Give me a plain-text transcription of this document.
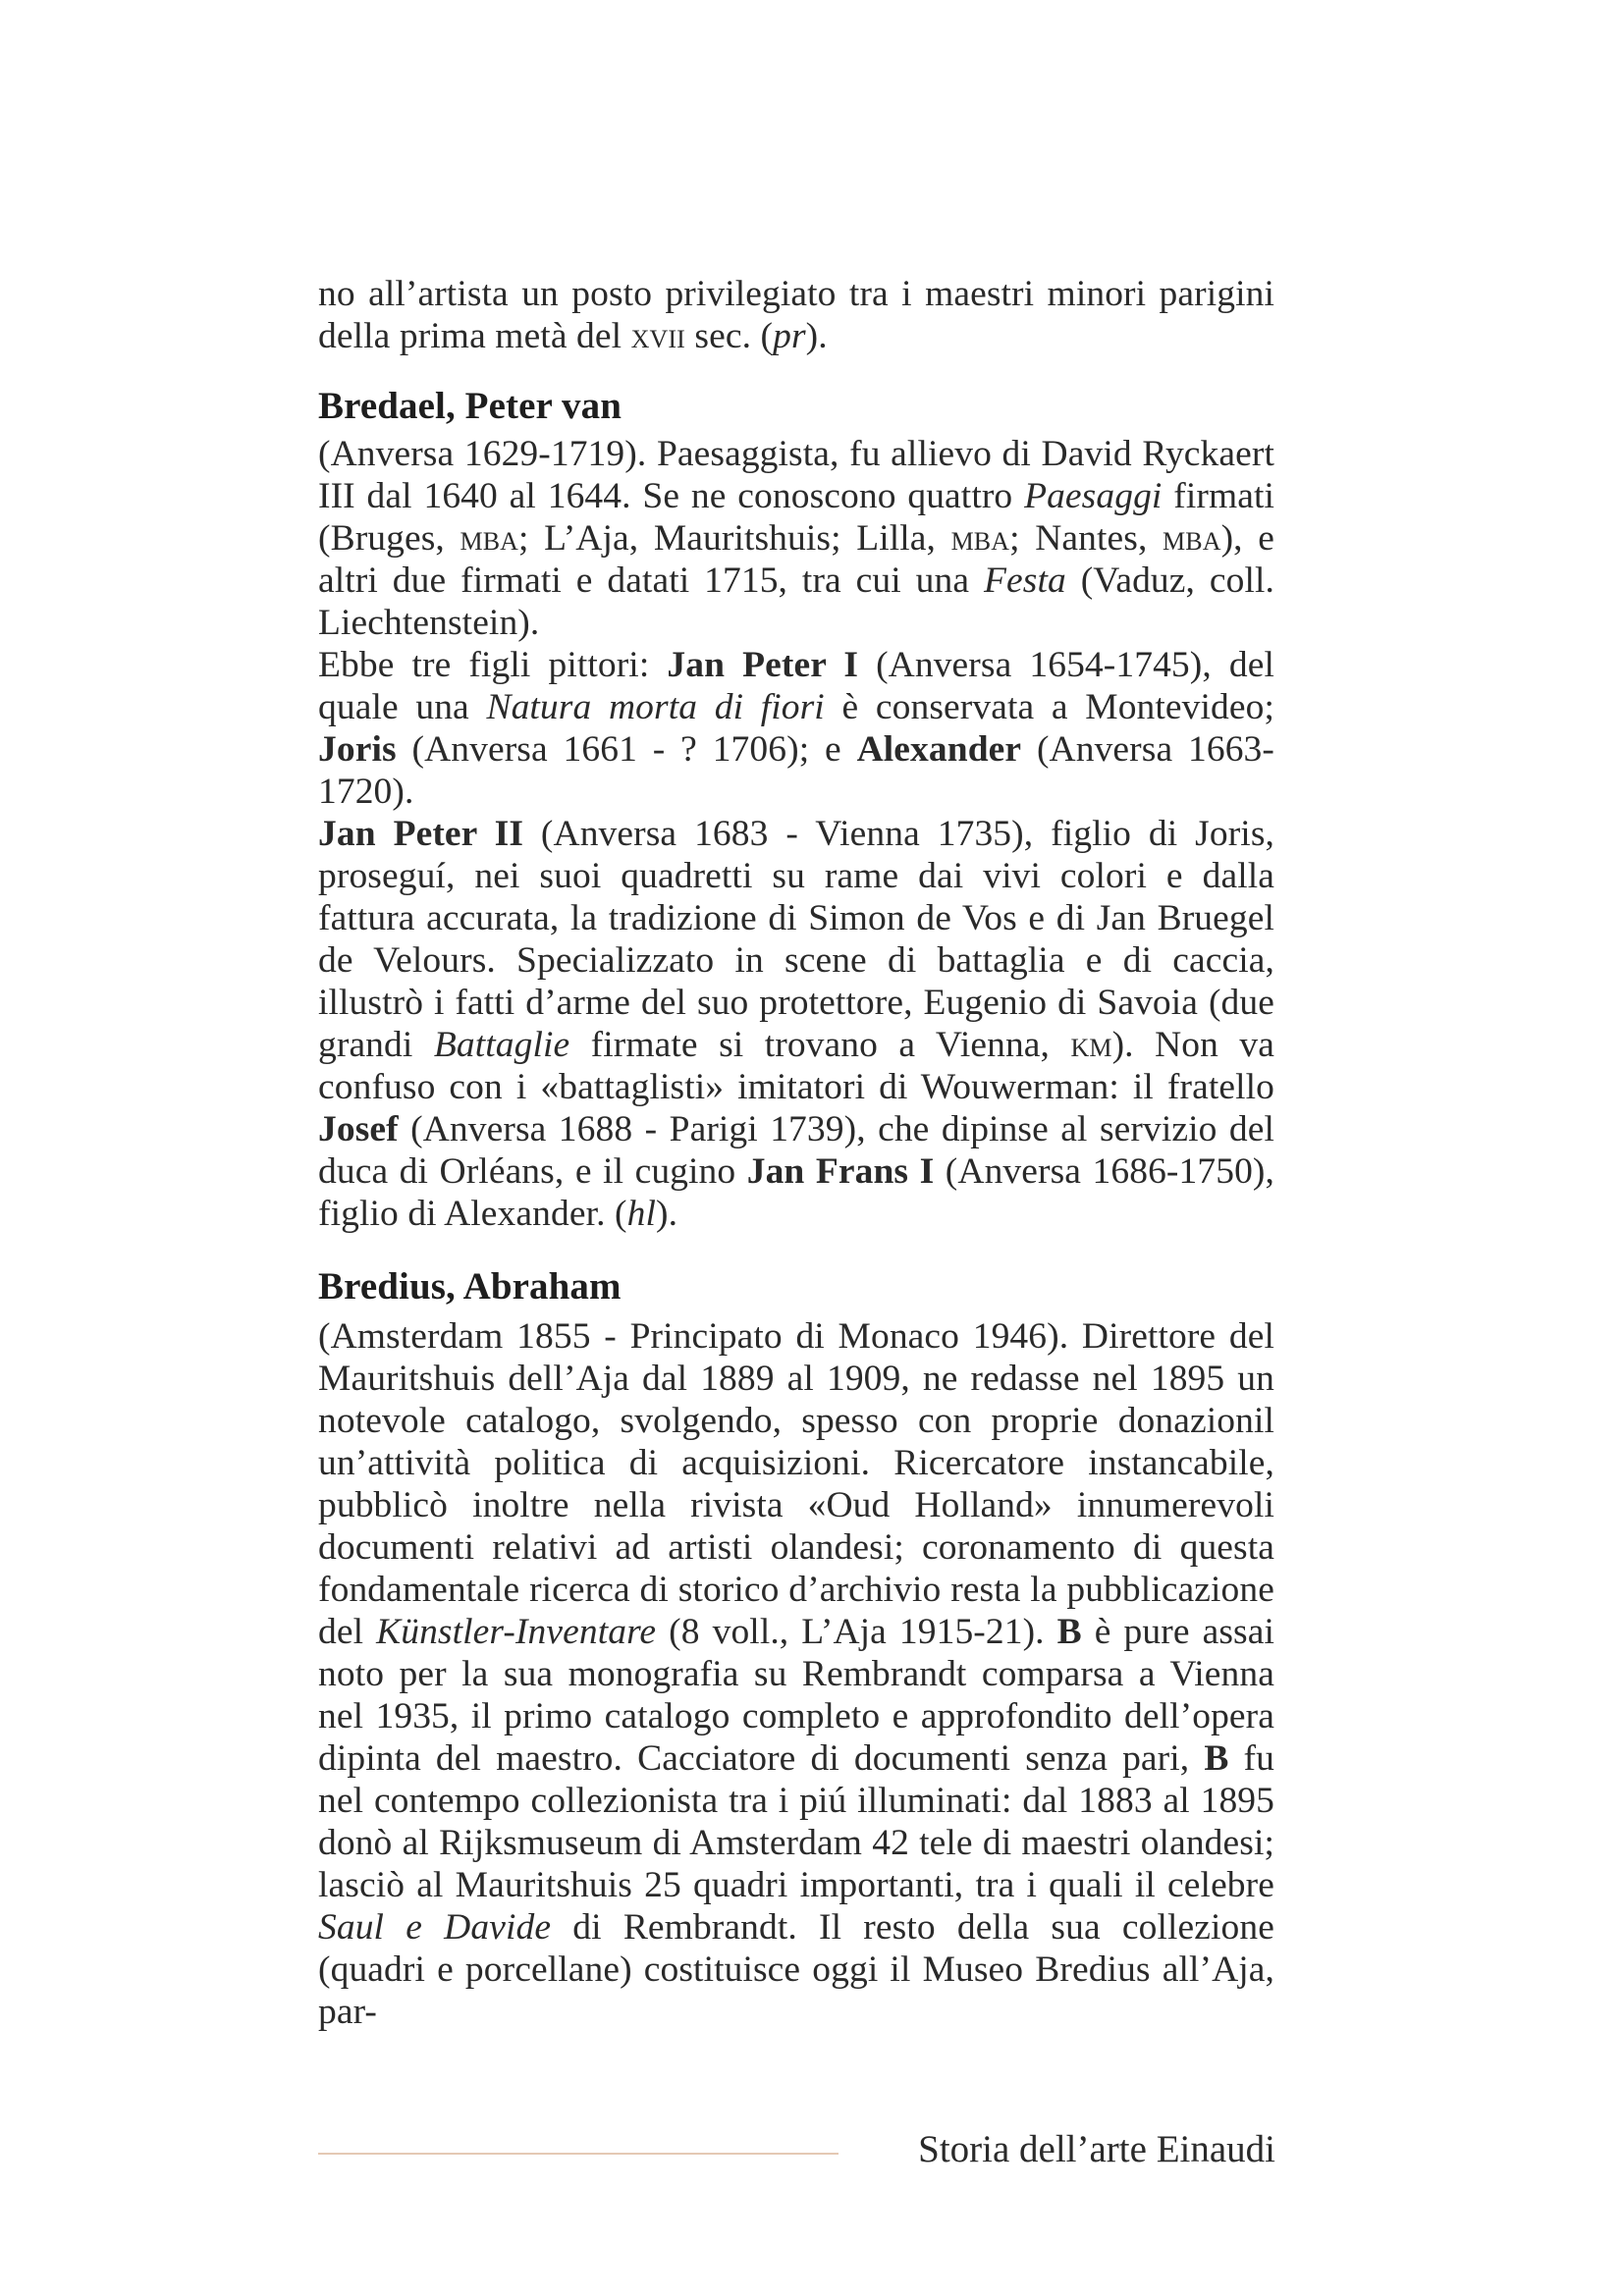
no all’artista un posto privilegiato tra i maestri minori parigini della prima metà del xvii sec. (pr).

Bredael, Peter van

(Anversa 1629-1719). Paesaggista, fu allievo di David Ryckaert III dal 1640 al 1644. Se ne conoscono quattro Paesaggi firmati (Bruges, mba; L’Aja, Mauritshuis; Lilla, mba; Nantes, mba), e altri due firmati e datati 1715, tra cui una Festa (Vaduz, coll. Liechtenstein).

Ebbe tre figli pittori: Jan Peter I (Anversa 1654-1745), del quale una Natura morta di fiori è conservata a Montevideo; Joris (Anversa 1661 - ? 1706); e Alexander (Anversa 1663-1720).

Jan Peter II (Anversa 1683 - Vienna 1735), figlio di Joris, proseguí, nei suoi quadretti su rame dai vivi colori e dalla fattura accurata, la tradizione di Simon de Vos e di Jan Bruegel de Velours. Specializzato in scene di battaglia e di caccia, illustrò i fatti d’arme del suo protettore, Eugenio di Savoia (due grandi Battaglie firmate si trovano a Vienna, km). Non va confuso con i «battaglisti» imitatori di Wouwerman: il fratello Josef (Anversa 1688 - Parigi 1739), che dipinse al servizio del duca di Orléans, e il cugino Jan Frans I (Anversa 1686-1750), figlio di Alexander. (hl).

Bredius, Abraham

(Amsterdam 1855 - Principato di Monaco 1946). Direttore del Mauritshuis dell’Aja dal 1889 al 1909, ne redasse nel 1895 un notevole catalogo, svolgendo, spesso con proprie donazionil un’attività politica di acquisizioni. Ricercatore instancabile, pubblicò inoltre nella rivista «Oud Holland» innumerevoli documenti relativi ad artisti olandesi; coronamento di questa fondamentale ricerca di storico d’archivio resta la pubblicazione del Künstler-Inventare (8 voll., L’Aja 1915-21). B è pure assai noto per la sua monografia su Rembrandt comparsa a Vienna nel 1935, il primo catalogo completo e approfondito dell’opera dipinta del maestro. Cacciatore di documenti senza pari, B fu nel contempo collezionista tra i piú illuminati: dal 1883 al 1895 donò al Rijksmuseum di Amsterdam 42 tele di maestri olandesi; lasciò al Mauritshuis 25 quadri importanti, tra i quali il celebre Saul e Davide di Rembrandt. Il resto della sua collezione (quadri e porcellane) costituisce oggi il Museo Bredius all’Aja, par-

Storia dell’arte Einaudi
